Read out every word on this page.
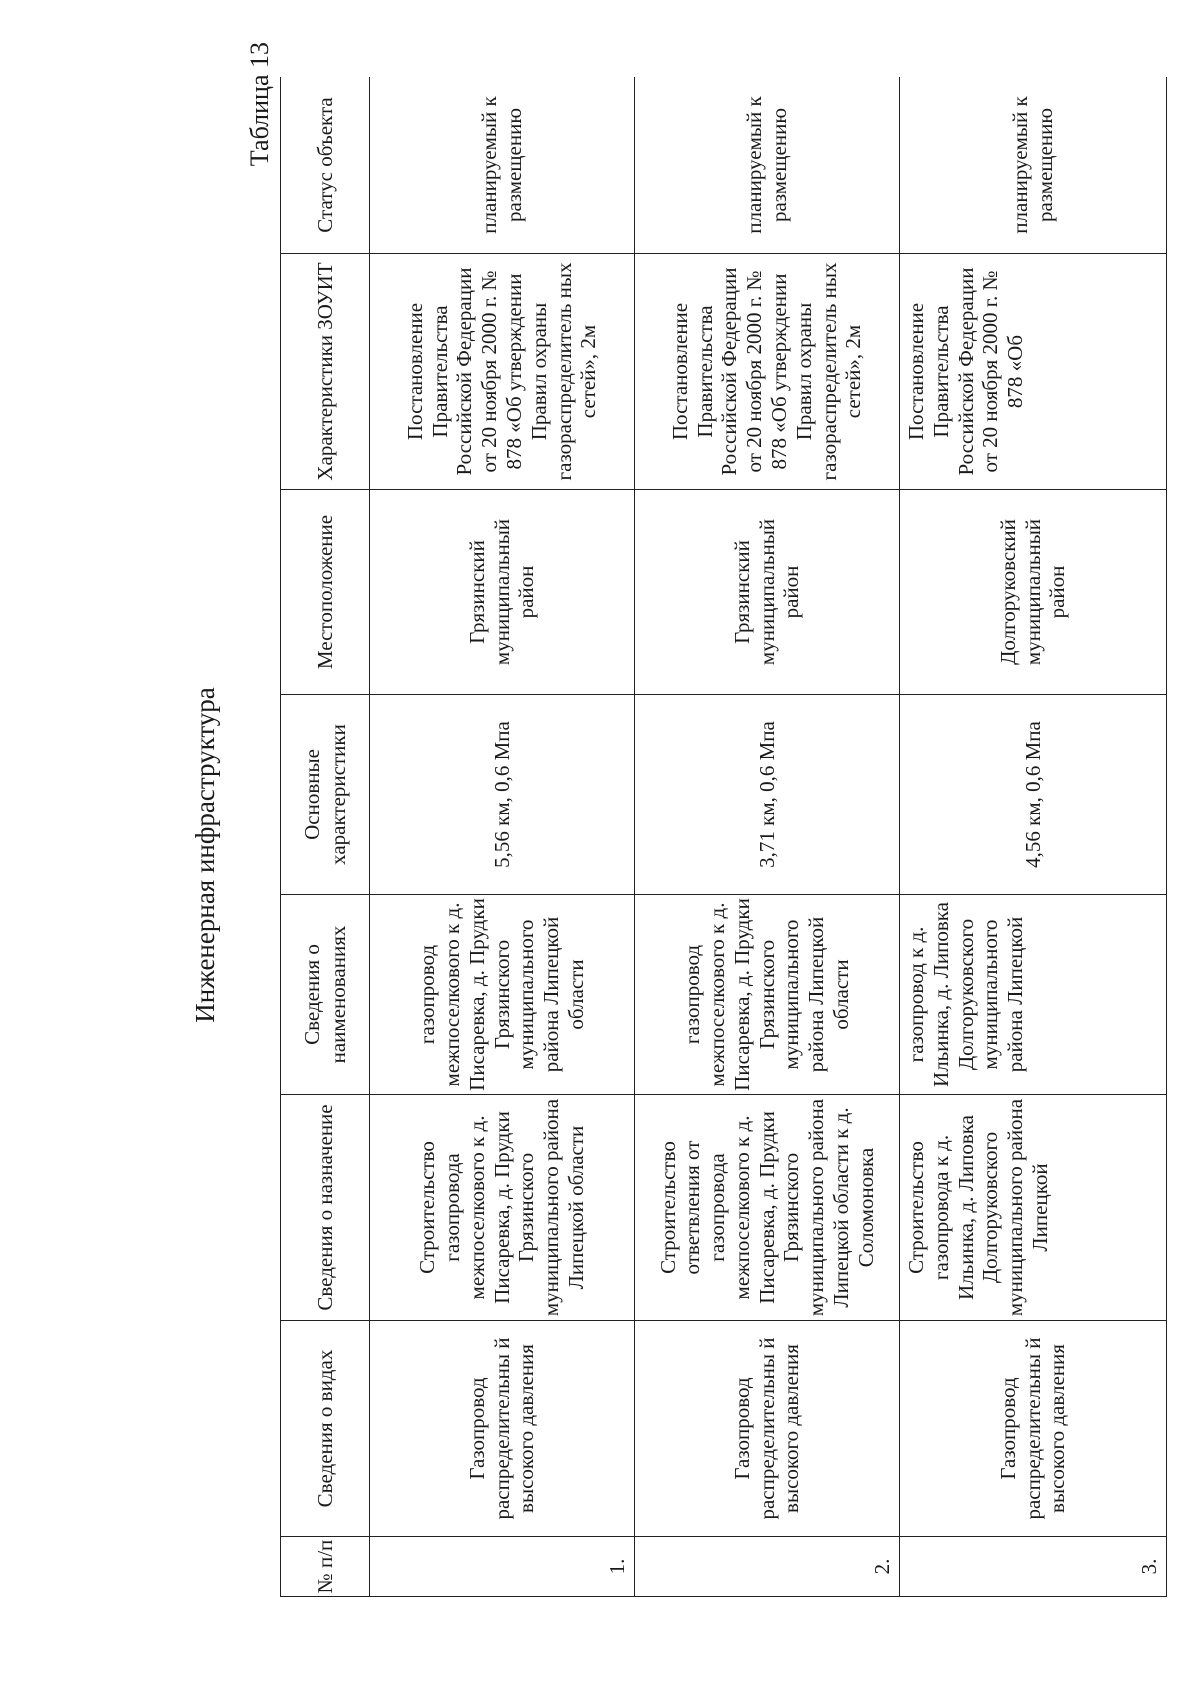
Инженерная инфраструктура
Таблица 13
№ п/п	Сведения о видах	Сведения о назначение	Сведения о наименованиях	Основные характеристики	Местоположение	Характеристики ЗОУИТ	Статус объекта
1.	Газопровод распределительны й высокого давления	Строительство газопровода межпоселкового к д. Писаревка, д. Прудки Грязинского муниципального района Липецкой области	газопровод межпоселкового к д. Писаревка, д. Прудки Грязинского муниципального района Липецкой области	5,56 км, 0,6 Мпа	Грязинский муниципальный район	Постановление Правительства Российской Федерации от 20 ноября 2000 г. № 878 «Об утверждении Правил охраны газораспределитель ных сетей», 2м	планируемый к размещению
2.	Газопровод распределительны й высокого давления	Строительство ответвления от газопровода межпоселкового к д. Писаревка, д. Прудки Грязинского муниципального района Липецкой области к д. Соломоновка	газопровод межпоселкового к д. Писаревка, д. Прудки Грязинского муниципального района Липецкой области	3,71 км, 0,6 Мпа	Грязинский муниципальный район	Постановление Правительства Российской Федерации от 20 ноября 2000 г. № 878 «Об утверждении Правил охраны газораспределитель ных сетей», 2м	планируемый к размещению
3.	Газопровод распределительны й высокого давления	Строительство газопровода к д. Ильинка, д. Липовка Долгоруковского муниципального района Липецкой	газопровод к д. Ильинка, д. Липовка Долгоруковского муниципального района Липецкой	4,56 км, 0,6 Мпа	Долгоруковский муниципальный район	Постановление Правительства Российской Федерации от 20 ноября 2000 г. № 878 «Об	планируемый к размещению
